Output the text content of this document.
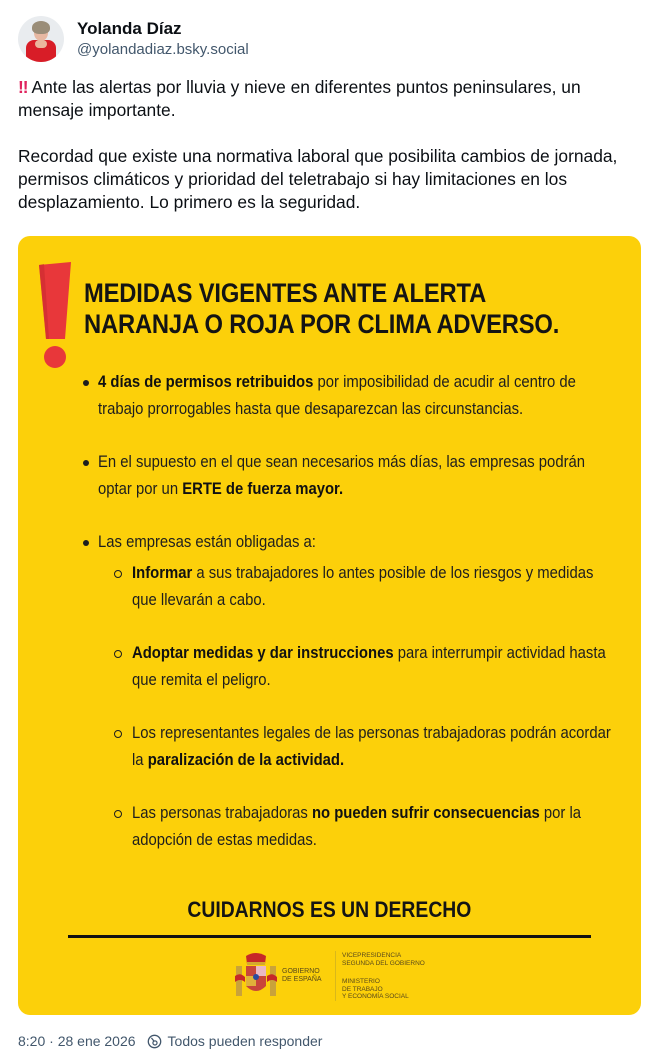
Yolanda Díaz
@yolandadiaz.bsky.social

‼ Ante las alertas por lluvia y nieve en diferentes puntos peninsulares, un mensaje importante.

Recordad que existe una normativa laboral que posibilita cambios de jornada, permisos climáticos y prioridad del teletrabajo si hay limitaciones en los desplazamiento. Lo primero es la seguridad.

MEDIDAS VIGENTES ANTE ALERTA
NARANJA O ROJA POR CLIMA ADVERSO.
4 días de permisos retribuidos por imposibilidad de acudir al centro de trabajo prorrogables hasta que desaparezcan las circunstancias.
En el supuesto en el que sean necesarios más días, las empresas podrán optar por un ERTE de fuerza mayor.
Las empresas están obligadas a:
Informar a sus trabajadores lo antes posible de los riesgos y medidas que llevarán a cabo.
Adoptar medidas y dar instrucciones para interrumpir actividad hasta que remita el peligro.
Los representantes legales de las personas trabajadoras podrán acordar la paralización de la actividad.
Las personas trabajadoras no pueden sufrir consecuencias por la adopción de estas medidas.
CUIDARNOS ES UN DERECHO
GOBIERNO
DE ESPAÑA
VICEPRESIDENCIA
SEGUNDA DEL GOBIERNO
MINISTERIO
DE TRABAJO
Y ECONOMÍA SOCIAL
8:20 · 28 ene 2026 Todos pueden responder
